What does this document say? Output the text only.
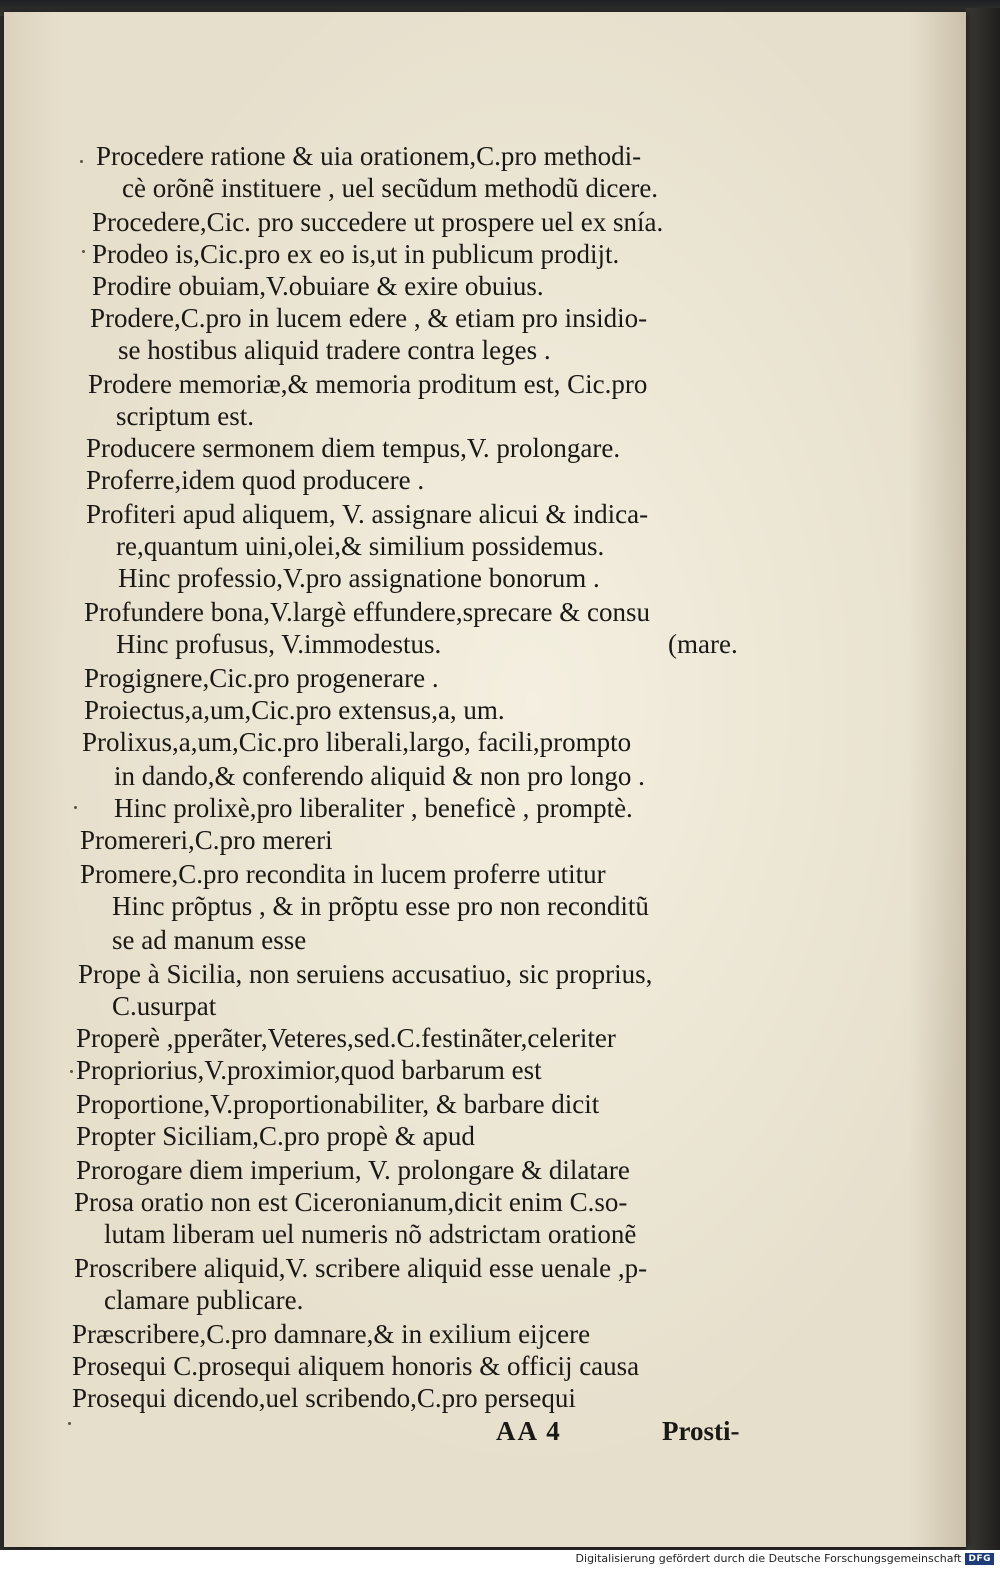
Procedere ratione & uia orationem,C.pro methodi-
cè orõnẽ instituere , uel secũdum methodũ dicere.
Procedere,Cic. pro succedere ut prospere uel ex snía.
Prodeo is,Cic.pro ex eo is,ut in publicum prodijt.
Prodire obuiam,V.obuiare & exire obuius.
Prodere,C.pro in lucem edere , & etiam pro insidio-
se hostibus aliquid tradere contra leges .
Prodere memoriæ,& memoria proditum est, Cic.pro
scriptum est.
Producere sermonem diem tempus,V. prolongare.
Proferre,idem quod producere .
Profiteri apud aliquem, V. assignare alicui & indica-
re,quantum uini,olei,& similium possidemus.
Hinc professio,V.pro assignatione bonorum .
Profundere bona,V.largè effundere,sprecare & consu
Hinc profusus, V.immodestus.	(mare.
Progignere,Cic.pro progenerare .
Proiectus,a,um,Cic.pro extensus,a, um.
Prolixus,a,um,Cic.pro liberali,largo, facili,prompto
in dando,& conferendo aliquid & non pro longo .
Hinc prolixè,pro liberaliter , beneficè , promptè.
Promereri,C.pro mereri
Promere,C.pro recondita in lucem proferre utitur
Hinc prõptus , & in prõptu esse pro non reconditũ
se ad manum esse
Prope à Sicilia, non seruiens accusatiuo, sic proprius,
C.usurpat
Properè ,pperãter,Veteres,sed.C.festinãter,celeriter
Propriorius,V.proximior,quod barbarum est
Proportione,V.proportionabiliter, & barbare dicit
Propter Siciliam,C.pro propè & apud
Prorogare diem imperium, V. prolongare & dilatare
Prosa oratio non est Ciceronianum,dicit enim C.so-
lutam liberam uel numeris nõ adstrictam orationẽ
Proscribere aliquid,V. scribere aliquid esse uenale ,p-
clamare publicare.
Præscribere,C.pro damnare,& in exilium eijcere
Prosequi C.prosequi aliquem honoris & officij causa
Prosequi dicendo,uel scribendo,C.pro persequi
AA 4	Prosti-
Digitalisierung gefördert durch die Deutsche Forschungsgemeinschaft DFG
